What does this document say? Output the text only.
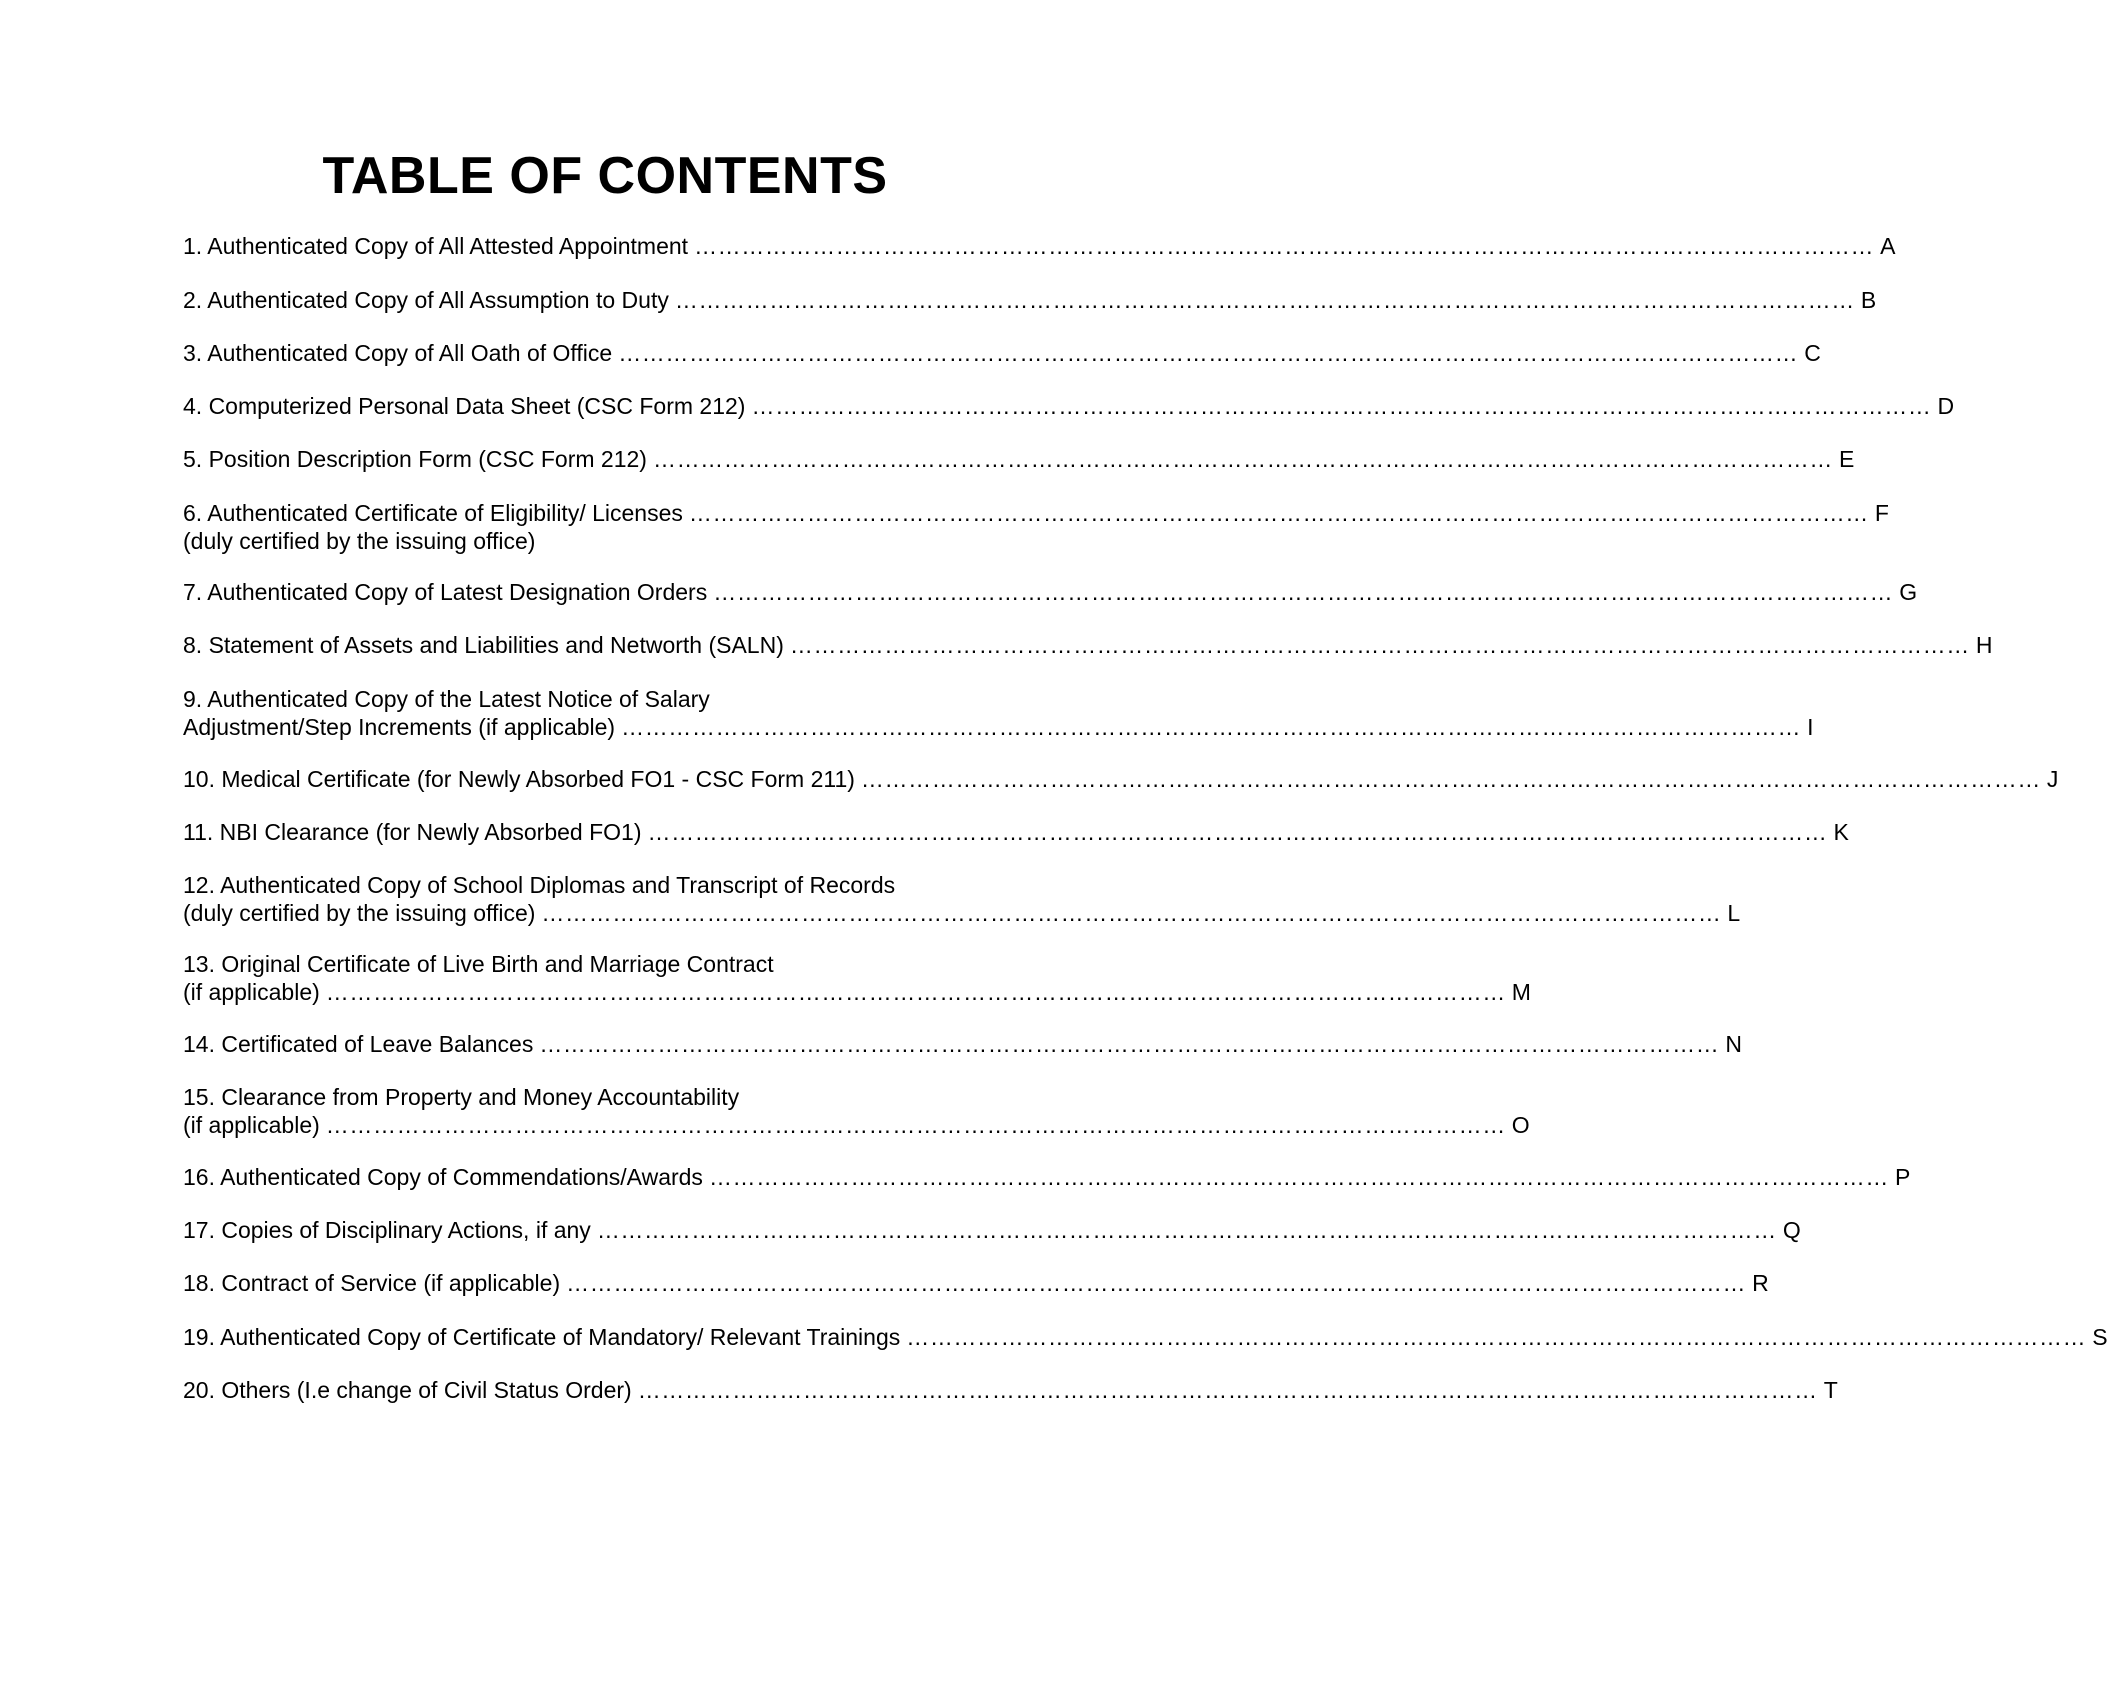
TABLE OF CONTENTS
1. Authenticated Copy of All Attested Appointment …………………………………………………………………………………………………………………………………… A
2. Authenticated Copy of All Assumption to Duty …………………………………………………………………………………………………………………………………… B
3. Authenticated Copy of All Oath of Office …………………………………………………………………………………………………………………………………… C
4. Computerized Personal Data Sheet (CSC Form 212) …………………………………………………………………………………………………………………………………… D
5. Position Description Form (CSC Form 212) …………………………………………………………………………………………………………………………………… E
6. Authenticated Certificate of Eligibility/ Licenses …………………………………………………………………………………………………………………………………… F
(duly certified by the issuing office)
7. Authenticated Copy of Latest Designation Orders …………………………………………………………………………………………………………………………………… G
8. Statement of Assets and Liabilities and Networth (SALN) …………………………………………………………………………………………………………………………………… H
9. Authenticated Copy of the Latest Notice of Salary
Adjustment/Step Increments (if applicable) …………………………………………………………………………………………………………………………………… I
10. Medical Certificate (for Newly Absorbed FO1 - CSC Form 211) …………………………………………………………………………………………………………………………………… J
11. NBI Clearance (for Newly Absorbed FO1) …………………………………………………………………………………………………………………………………… K
12. Authenticated Copy of School Diplomas and Transcript of Records
(duly certified by the issuing office) …………………………………………………………………………………………………………………………………… L
13. Original Certificate of Live Birth and Marriage Contract
(if applicable) …………………………………………………………………………………………………………………………………… M
14. Certificated of Leave Balances …………………………………………………………………………………………………………………………………… N
15. Clearance from Property and Money Accountability
(if applicable) …………………………………………………………………………………………………………………………………… O
16. Authenticated Copy of Commendations/Awards …………………………………………………………………………………………………………………………………… P
17. Copies of Disciplinary Actions, if any …………………………………………………………………………………………………………………………………… Q
18. Contract of Service (if applicable) …………………………………………………………………………………………………………………………………… R
19. Authenticated Copy of Certificate of Mandatory/ Relevant Trainings …………………………………………………………………………………………………………………………………… S
20. Others (I.e change of Civil Status Order) …………………………………………………………………………………………………………………………………… T
